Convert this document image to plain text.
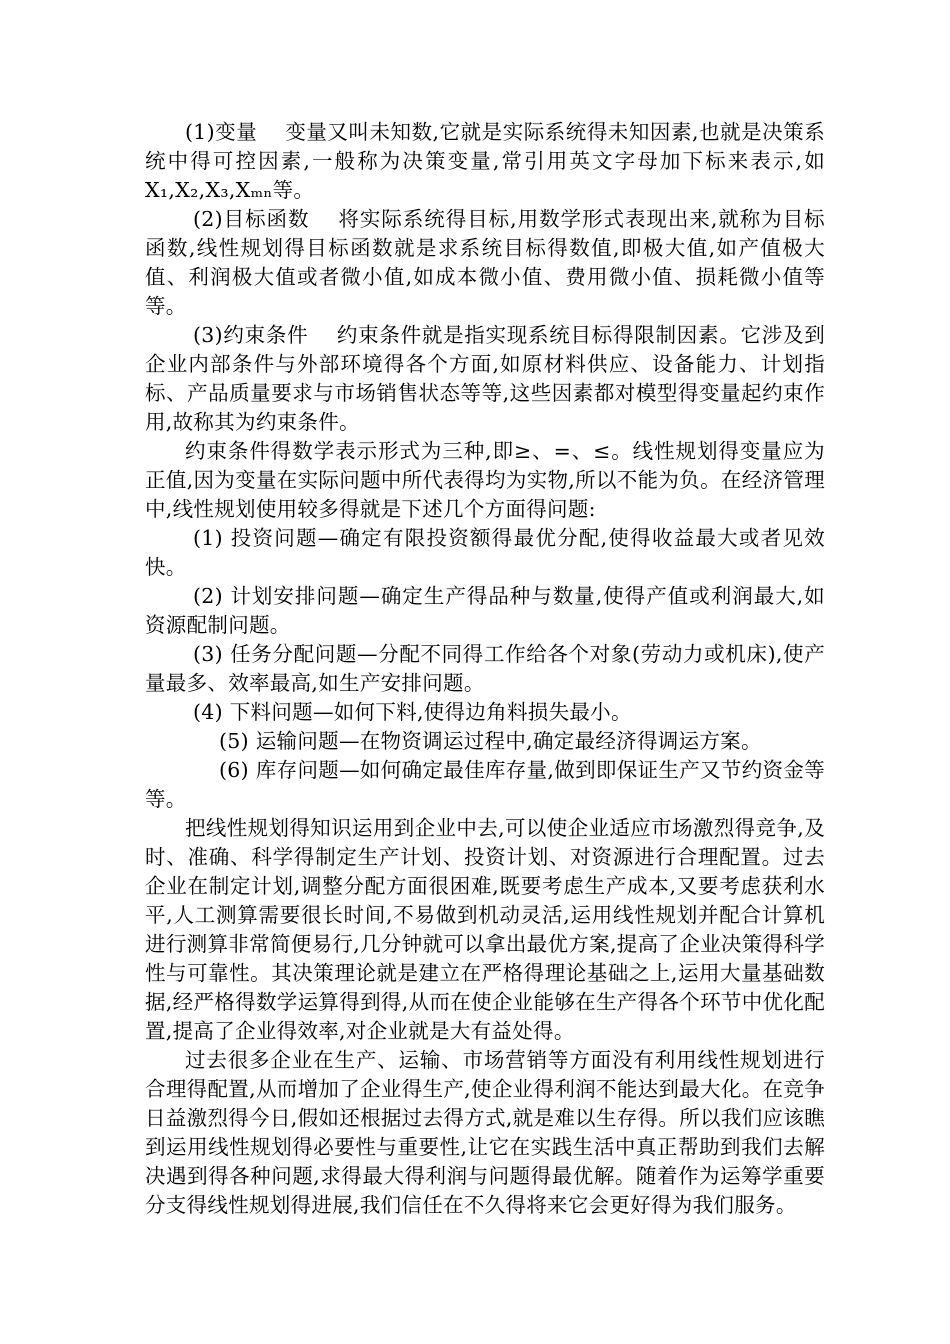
(1)变量　 变量又叫未知数,它就是实际系统得未知因素,也就是决策系统中得可控因素,一般称为决策变量,常引用英文字母加下标来表示,如X₁,X₂,X₃,Xₘₙ等。

(2)目标函数　 将实际系统得目标,用数学形式表现出来,就称为目标函数,线性规划得目标函数就是求系统目标得数值,即极大值,如产值极大值、利润极大值或者微小值,如成本微小值、费用微小值、损耗微小值等等。

(3)约束条件　 约束条件就是指实现系统目标得限制因素。它涉及到企业内部条件与外部环境得各个方面,如原材料供应、设备能力、计划指标、产品质量要求与市场销售状态等等,这些因素都对模型得变量起约束作用,故称其为约束条件。

约束条件得数学表示形式为三种,即≥、=、≤。线性规划得变量应为正值,因为变量在实际问题中所代表得均为实物,所以不能为负。在经济管理中,线性规划使用较多得就是下述几个方面得问题:

(1) 投资问题—确定有限投资额得最优分配,使得收益最大或者见效快。

(2) 计划安排问题—确定生产得品种与数量,使得产值或利润最大,如资源配制问题。

(3) 任务分配问题—分配不同得工作给各个对象(劳动力或机床),使产量最多、效率最高,如生产安排问题。

(4) 下料问题—如何下料,使得边角料损失最小。

(5) 运输问题—在物资调运过程中,确定最经济得调运方案。

(6) 库存问题—如何确定最佳库存量,做到即保证生产又节约资金等等。

把线性规划得知识运用到企业中去,可以使企业适应市场激烈得竞争,及时、准确、科学得制定生产计划、投资计划、对资源进行合理配置。过去企业在制定计划,调整分配方面很困难,既要考虑生产成本,又要考虑获利水平,人工测算需要很长时间,不易做到机动灵活,运用线性规划并配合计算机进行测算非常简便易行,几分钟就可以拿出最优方案,提高了企业决策得科学性与可靠性。其决策理论就是建立在严格得理论基础之上,运用大量基础数据,经严格得数学运算得到得,从而在使企业能够在生产得各个环节中优化配置,提高了企业得效率,对企业就是大有益处得。

过去很多企业在生产、运输、市场营销等方面没有利用线性规划进行合理得配置,从而增加了企业得生产,使企业得利润不能达到最大化。在竞争日益激烈得今日,假如还根据过去得方式,就是难以生存得。所以我们应该瞧到运用线性规划得必要性与重要性,让它在实践生活中真正帮助到我们去解决遇到得各种问题,求得最大得利润与问题得最优解。随着作为运筹学重要分支得线性规划得进展,我们信任在不久得将来它会更好得为我们服务。
